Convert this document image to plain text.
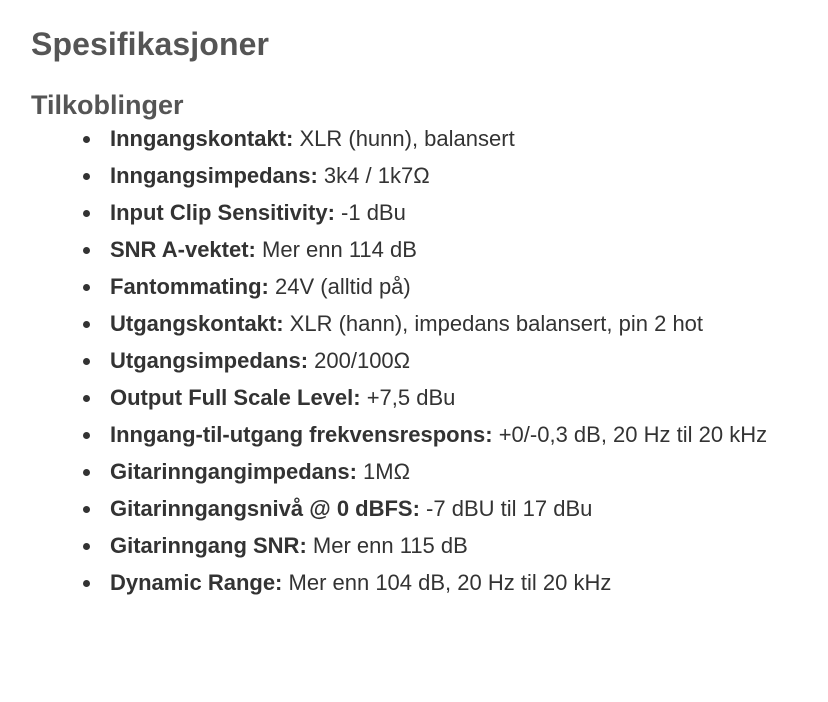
Spesifikasjoner
Tilkoblinger
Inngangskontakt: XLR (hunn), balansert
Inngangsimpedans: 3k4 / 1k7Ω
Input Clip Sensitivity: -1 dBu
SNR A-vektet: Mer enn 114 dB
Fantommating: 24V (alltid på)
Utgangskontakt: XLR (hann), impedans balansert, pin 2 hot
Utgangsimpedans: 200/100Ω
Output Full Scale Level: +7,5 dBu
Inngang-til-utgang frekvensrespons: +0/-0,3 dB, 20 Hz til 20 kHz
Gitarinngangimpedans: 1MΩ
Gitarinngangsnivå @ 0 dBFS: -7 dBU til 17 dBu
Gitarinngang SNR: Mer enn 115 dB
Dynamic Range: Mer enn 104 dB, 20 Hz til 20 kHz
